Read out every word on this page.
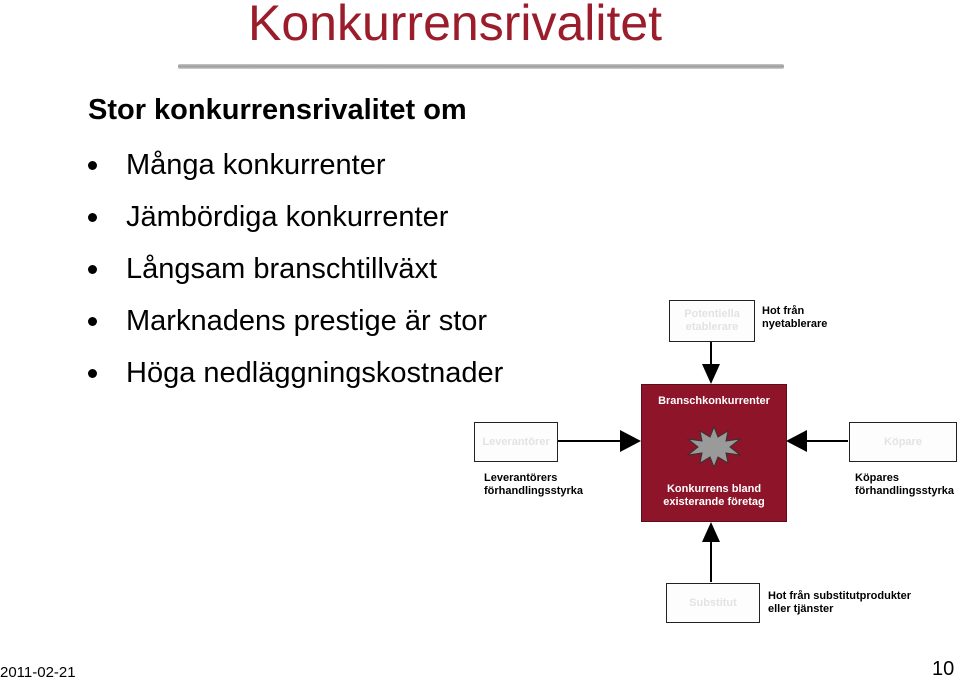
Konkurrensrivalitet
Stor konkurrensrivalitet om
Många konkurrenter
Jämbördiga konkurrenter
Långsam branschtillväxt
Marknadens prestige är stor
Höga nedläggningskostnader
Potentiella etablerare
Hot från
nyetablerare
Branschkonkurrenter
Konkurrens bland
existerande företag
Leverantörer
Leverantörers
förhandlingsstyrka
Köpare
Köpares
förhandlingsstyrka
Substitut
Hot från substitutprodukter
eller tjänster
2011-02-21	10
